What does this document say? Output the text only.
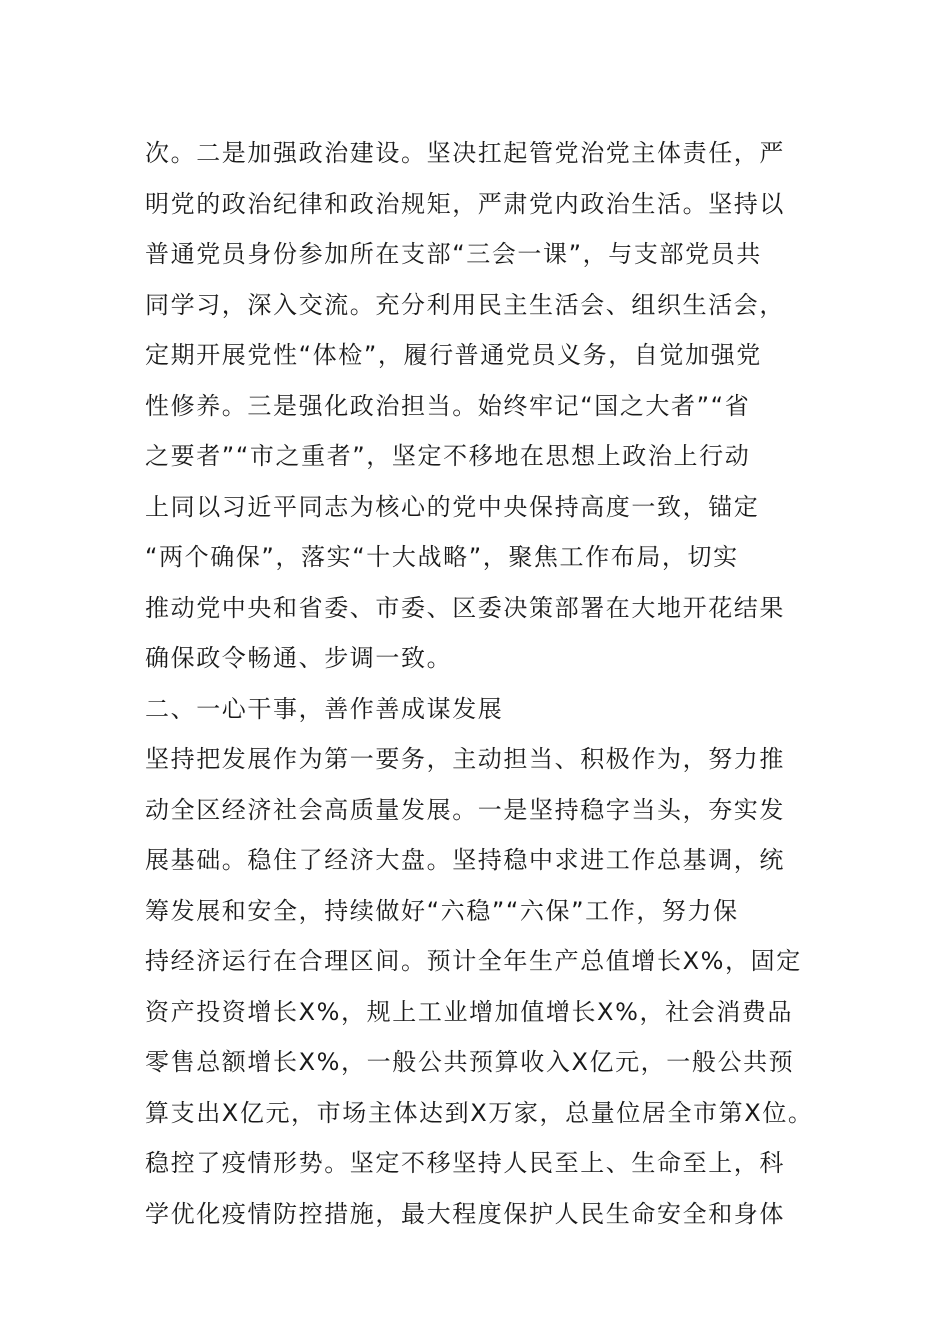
次。二是加强政治建设。坚决扛起管党治党主体责任，严
明党的政治纪律和政治规矩，严肃党内政治生活。坚持以
普通党员身份参加所在支部“三会一课”，与支部党员共
同学习，深入交流。充分利用民主生活会、组织生活会，
定期开展党性“体检”，履行普通党员义务，自觉加强党
性修养。三是强化政治担当。始终牢记“国之大者”“省
之要者”“市之重者”，坚定不移地在思想上政治上行动
上同以习近平同志为核心的党中央保持高度一致，锚定
“两个确保”，落实“十大战略”，聚焦工作布局，切实
推动党中央和省委、市委、区委决策部署在大地开花结果
确保政令畅通、步调一致。
二、一心干事，善作善成谋发展
坚持把发展作为第一要务，主动担当、积极作为，努力推
动全区经济社会高质量发展。一是坚持稳字当头，夯实发
展基础。稳住了经济大盘。坚持稳中求进工作总基调，统
筹发展和安全，持续做好“六稳”“六保”工作，努力保
持经济运行在合理区间。预计全年生产总值增长X%，固定
资产投资增长X%，规上工业增加值增长X%，社会消费品
零售总额增长X%，一般公共预算收入X亿元，一般公共预
算支出X亿元，市场主体达到X万家，总量位居全市第X位。
稳控了疫情形势。坚定不移坚持人民至上、生命至上，科
学优化疫情防控措施，最大程度保护人民生命安全和身体
